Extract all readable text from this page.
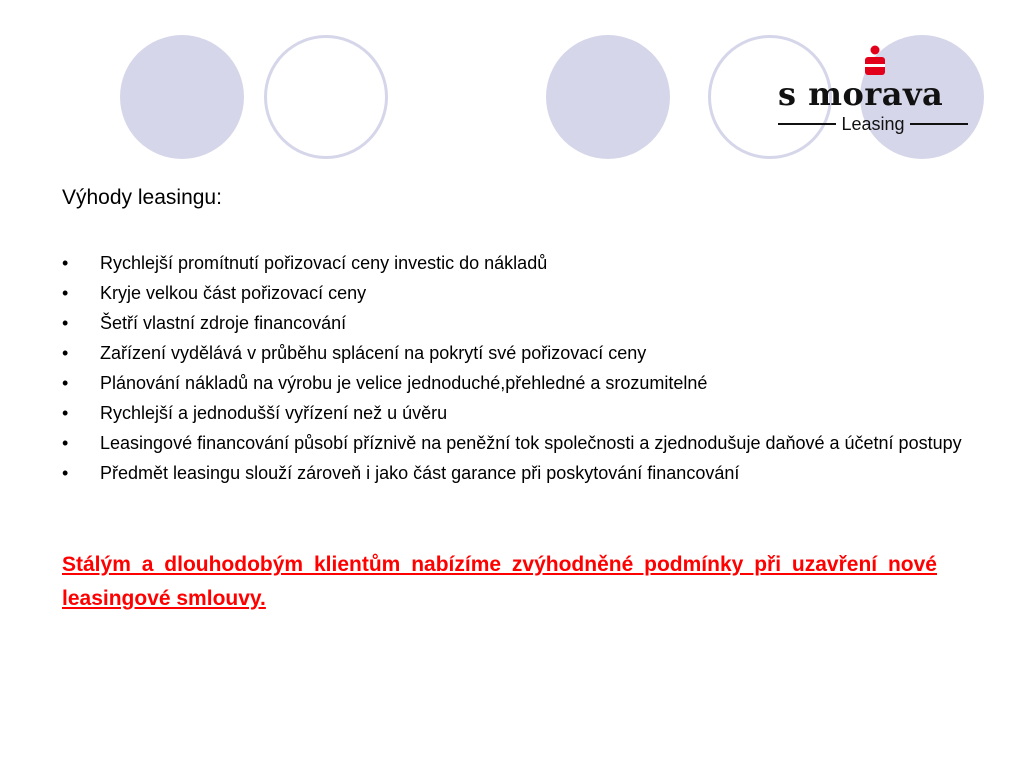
s morava
Leasing
Výhody leasingu:
• Rychlejší promítnutí pořizovací ceny investic do nákladů
• Kryje velkou část pořizovací ceny
• Šetří vlastní zdroje financování
• Zařízení vydělává v průběhu splácení na pokrytí své pořizovací ceny
• Plánování nákladů na výrobu je velice jednoduché,přehledné a srozumitelné
• Rychlejší a jednodušší vyřízení než u úvěru
• Leasingové financování působí příznivě na peněžní tok společnosti a zjednodušuje daňové a účetní postupy
• Předmět leasingu slouží zároveň i jako část garance při poskytování financování

Stálým a dlouhodobým klientům nabízíme zvýhodněné podmínky při uzavření nové leasingové smlouvy.
